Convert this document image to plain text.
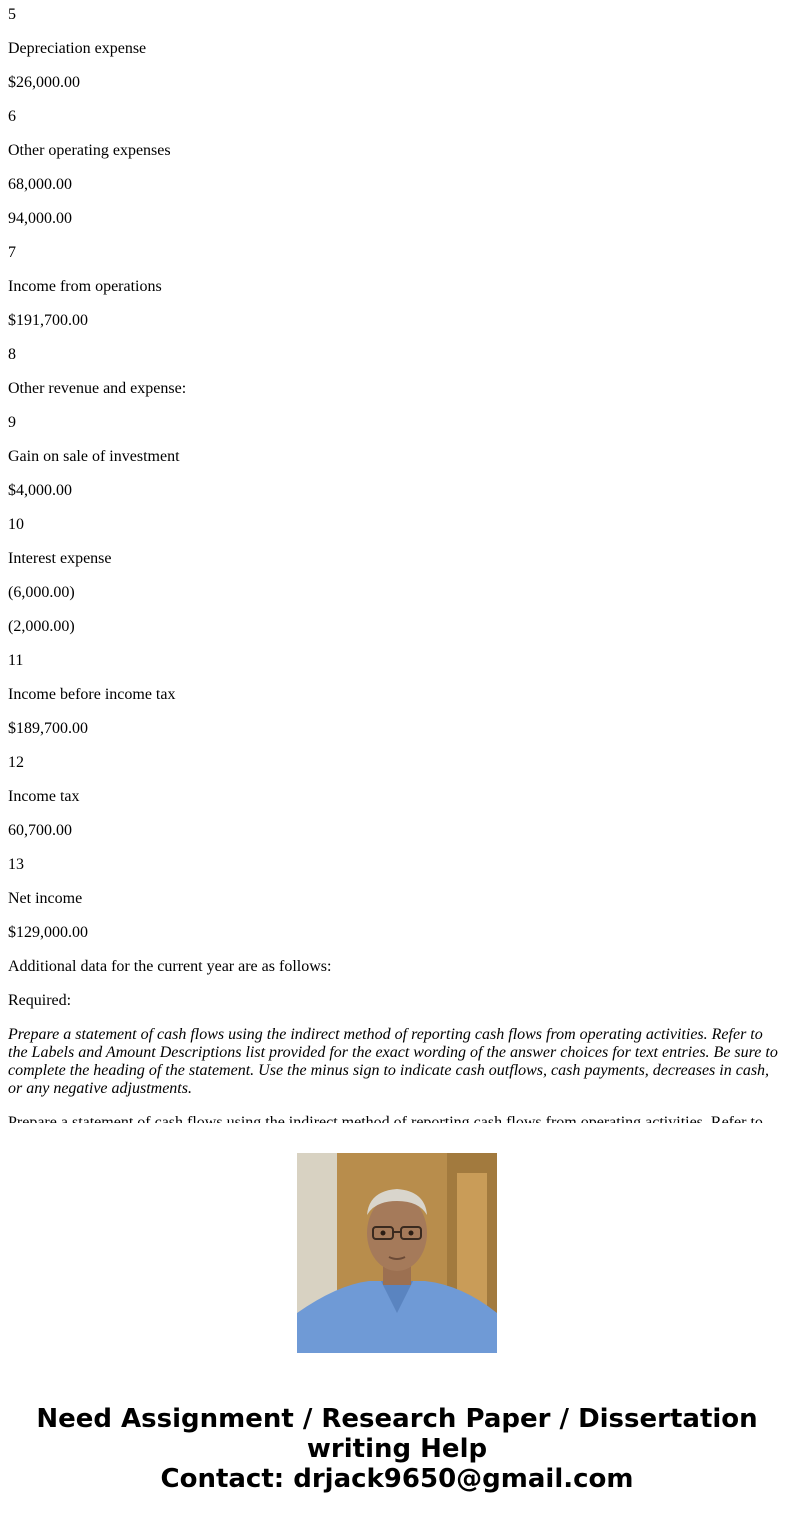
5

Depreciation expense

$26,000.00

6

Other operating expenses

68,000.00

94,000.00

7

Income from operations

$191,700.00

8

Other revenue and expense:

9

Gain on sale of investment

$4,000.00

10

Interest expense

(6,000.00)

(2,000.00)

11

Income before income tax

$189,700.00

12

Income tax

60,700.00

13

Net income

$129,000.00

Additional data for the current year are as follows:

Required:

Prepare a statement of cash flows using the indirect method of reporting cash flows from operating activities. Refer to the Labels and Amount Descriptions list provided for the exact wording of the answer choices for text entries. Be sure to complete the heading of the statement. Use the minus sign to indicate cash outflows, cash payments, decreases in cash, or any negative adjustments.

Need Assignment / Research Paper / Dissertation writing Help
Contact: drjack9650@gmail.com
